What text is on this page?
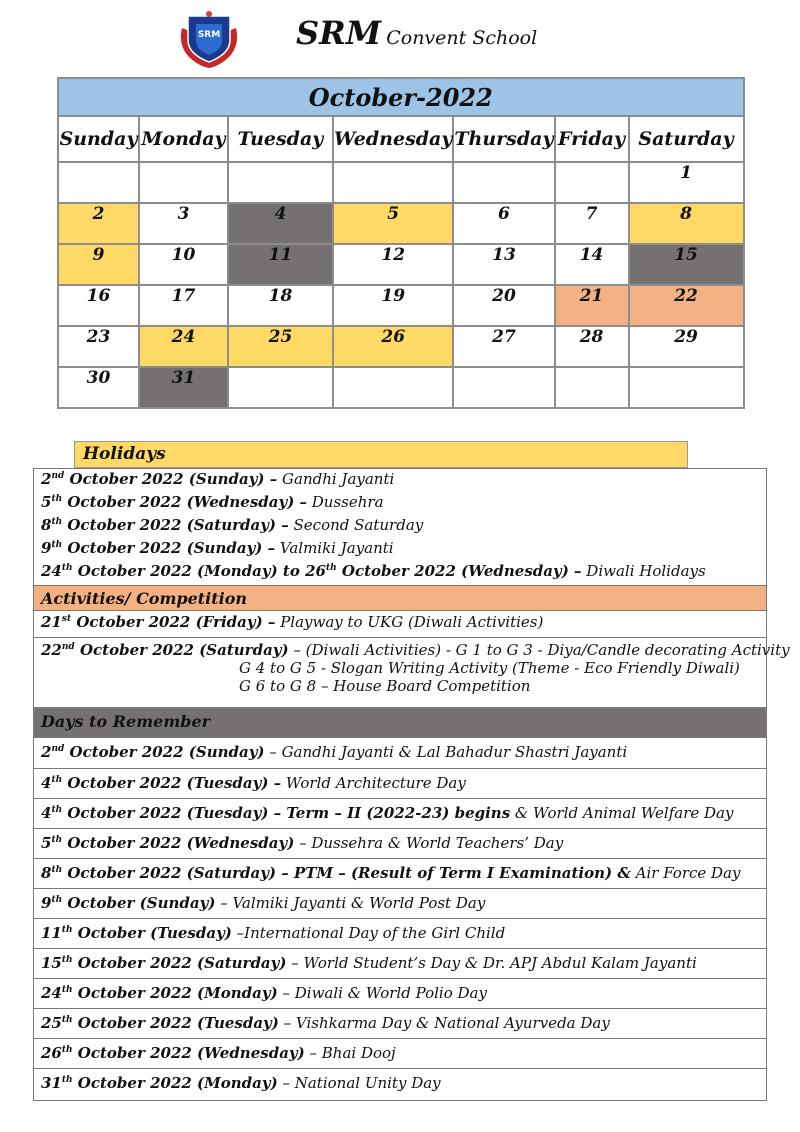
SRM SRM Convent School
October-2022						
Sunday	Monday	Tuesday	Wednesday	Thursday	Friday	Saturday
						1
2	3	4	5	6	7	8
9	10	11	12	13	14	15
16	17	18	19	20	21	22
23	24	25	26	27	28	29
30	31					
Holidays
2nd October 2022 (Sunday) – Gandhi Jayanti
5th October 2022 (Wednesday) – Dussehra
8th October 2022 (Saturday) – Second Saturday
9th October 2022 (Sunday) – Valmiki Jayanti
24th October 2022 (Monday) to 26th October 2022 (Wednesday) – Diwali Holidays
Activities/ Competition
21st October 2022 (Friday) – Playway to UKG (Diwali Activities)
22nd October 2022 (Saturday) – (Diwali Activities) - G 1 to G 3 - Diya/Candle decorating Activity
G 4 to G 5 - Slogan Writing Activity (Theme - Eco Friendly Diwali)
G 6 to G 8 – House Board Competition
Days to Remember
2nd October 2022 (Sunday) – Gandhi Jayanti & Lal Bahadur Shastri Jayanti
4th October 2022 (Tuesday) – World Architecture Day
4th October 2022 (Tuesday) – Term – II (2022-23) begins & World Animal Welfare Day
5th October 2022 (Wednesday) – Dussehra & World Teachers’ Day
8th October 2022 (Saturday) – PTM – (Result of Term I Examination) & Air Force Day
9th October (Sunday) – Valmiki Jayanti & World Post Day
11th October (Tuesday) –International Day of the Girl Child
15th October 2022 (Saturday) – World Student’s Day & Dr. APJ Abdul Kalam Jayanti
24th October 2022 (Monday) – Diwali & World Polio Day
25th October 2022 (Tuesday) – Vishkarma Day & National Ayurveda Day
26th October 2022 (Wednesday) – Bhai Dooj
31th October 2022 (Monday) – National Unity Day
